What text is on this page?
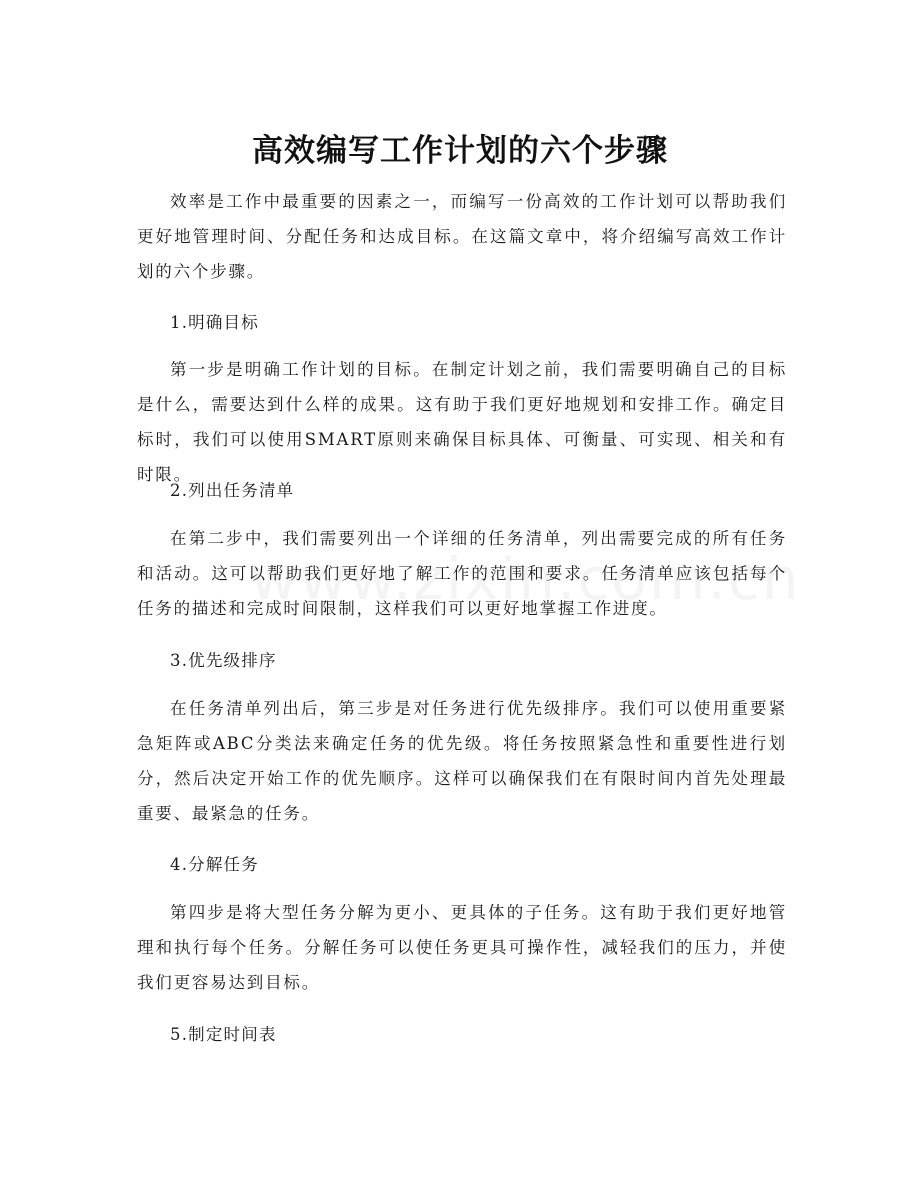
高效编写工作计划的六个步骤

效率是工作中最重要的因素之一，而编写一份高效的工作计划可以帮助我们更好地管理时间、分配任务和达成目标。在这篇文章中，将介绍编写高效工作计划的六个步骤。

1.明确目标

第一步是明确工作计划的目标。在制定计划之前，我们需要明确自己的目标是什么，需要达到什么样的成果。这有助于我们更好地规划和安排工作。确定目标时，我们可以使用SMART原则来确保目标具体、可衡量、可实现、相关和有时限。

2.列出任务清单

在第二步中，我们需要列出一个详细的任务清单，列出需要完成的所有任务和活动。这可以帮助我们更好地了解工作的范围和要求。任务清单应该包括每个任务的描述和完成时间限制，这样我们可以更好地掌握工作进度。

3.优先级排序

在任务清单列出后，第三步是对任务进行优先级排序。我们可以使用重要紧急矩阵或ABC分类法来确定任务的优先级。将任务按照紧急性和重要性进行划分，然后决定开始工作的优先顺序。这样可以确保我们在有限时间内首先处理最重要、最紧急的任务。

4.分解任务

第四步是将大型任务分解为更小、更具体的子任务。这有助于我们更好地管理和执行每个任务。分解任务可以使任务更具可操作性，减轻我们的压力，并使我们更容易达到目标。

5.制定时间表
